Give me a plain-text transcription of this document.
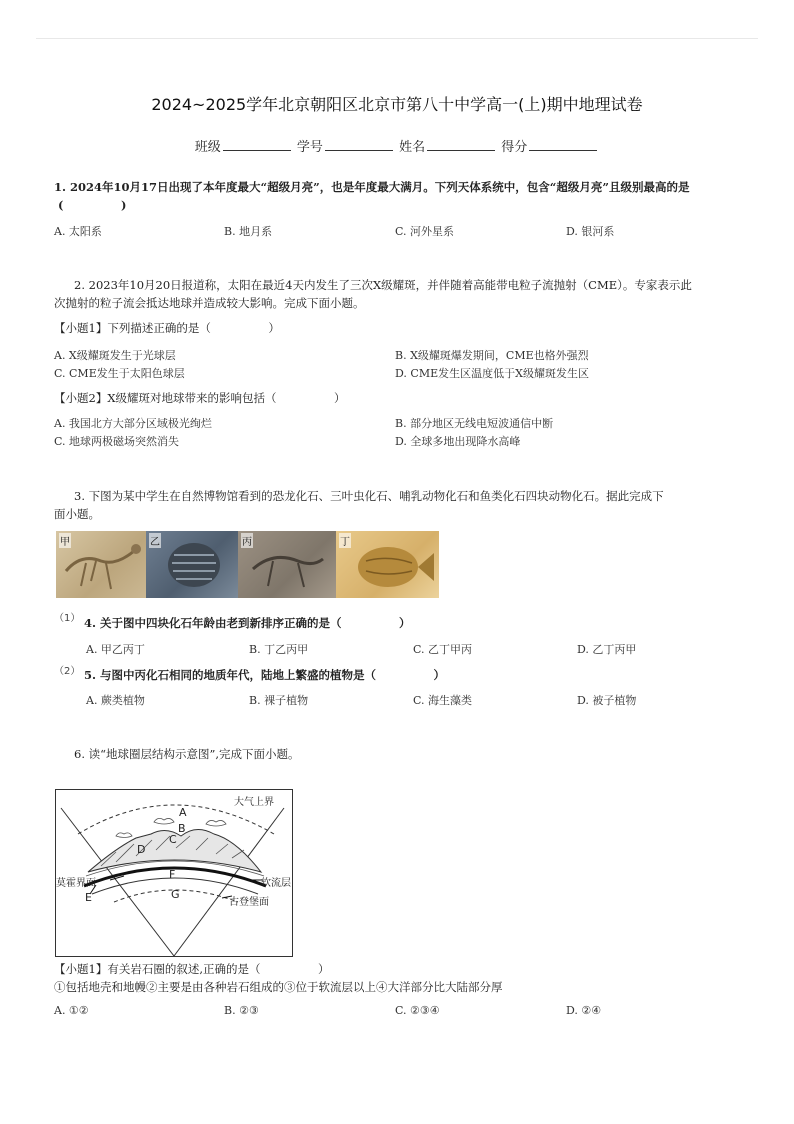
2024~2025学年北京朝阳区北京市第八十中学高一(上)期中地理试卷
班级	学号	姓名	得分
1. 2024年10月17日出现了本年度最大“超级月亮”，也是年度最大满月。下列天体系统中，包含“超级月亮”且级别最高的是
(　　　　　)
A. 太阳系	B. 地月系	C. 河外星系	D. 银河系
2. 2023年10月20日报道称，太阳在最近4天内发生了三次X级耀斑，并伴随着高能带电粒子流抛射（CME）。专家表示此
次抛射的粒子流会抵达地球并造成较大影响。完成下面小题。
【小题1】下列描述正确的是（　　　　　）
A. X级耀斑发生于光球层	B. X级耀斑爆发期间，CME也格外强烈
C. CME发生于太阳色球层	D. CME发生区温度低于X级耀斑发生区
【小题2】X级耀斑对地球带来的影响包括（　　　　　）
A. 我国北方大部分区域极光绚烂	B. 部分地区无线电短波通信中断
C. 地球两极磁场突然消失	D. 全球多地出现降水高峰
3. 下图为某中学生在自然博物馆看到的恐龙化石、三叶虫化石、哺乳动物化石和鱼类化石四块动物化石。据此完成下
面小题。
甲	乙	丙	丁
（1） 4. 关于图中四块化石年龄由老到新排序正确的是（　　　　　）
A. 甲乙丙丁	B. 丁乙丙甲	C. 乙丁甲丙	D. 乙丁丙甲
（2） 5. 与图中丙化石相同的地质年代，陆地上繁盛的植物是（　　　　　）
A. 蕨类植物	B. 裸子植物	C. 海生藻类	D. 被子植物
6. 读“地球圈层结构示意图”,完成下面小题。
大气上界
A
B
C
D
莫霍界面	软流层
F
E	G
古登堡面
【小题1】有关岩石圈的叙述,正确的是（　　　　　）
①包括地壳和地幔②主要是由各种岩石组成的③位于软流层以上④大洋部分比大陆部分厚
A. ①②	B. ②③	C. ②③④	D. ②④
